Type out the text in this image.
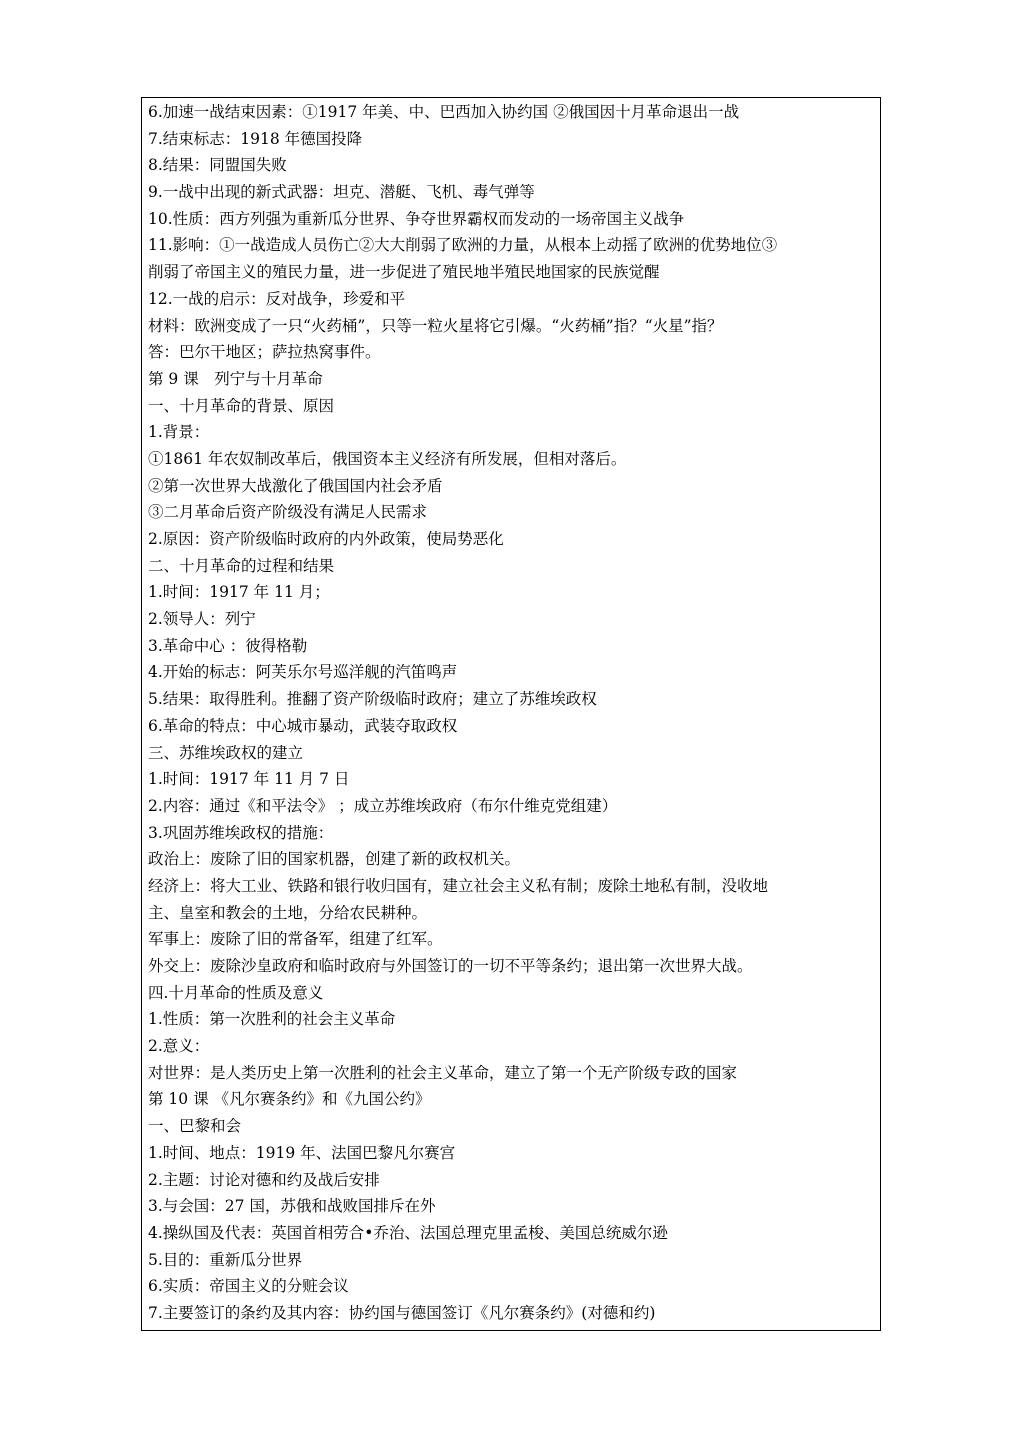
6.加速一战结束因素：①1917 年美、中、巴西加入协约国 ②俄国因十月革命退出一战
7.结束标志：1918 年德国投降
8.结果：同盟国失败
9.一战中出现的新式武器：坦克、潜艇、飞机、毒气弹等
10.性质：西方列强为重新瓜分世界、争夺世界霸权而发动的一场帝国主义战争
11.影响：①一战造成人员伤亡②大大削弱了欧洲的力量，从根本上动摇了欧洲的优势地位③
削弱了帝国主义的殖民力量，进一步促进了殖民地半殖民地国家的民族觉醒
12.一战的启示：反对战争，珍爱和平
材料：欧洲变成了一只“火药桶”，只等一粒火星将它引爆。“火药桶”指？“火星”指？
答：巴尔干地区；萨拉热窝事件。
第 9 课　列宁与十月革命
一、十月革命的背景、原因
1.背景：
①1861 年农奴制改革后，俄国资本主义经济有所发展，但相对落后。
②第一次世界大战激化了俄国国内社会矛盾
③二月革命后资产阶级没有满足人民需求
2.原因：资产阶级临时政府的内外政策，使局势恶化
二、十月革命的过程和结果
1.时间：1917 年 11 月；
2.领导人：列宁
3.革命中心 ：彼得格勒
4.开始的标志：阿芙乐尔号巡洋舰的汽笛鸣声
5.结果：取得胜利。推翻了资产阶级临时政府；建立了苏维埃政权
6.革命的特点：中心城市暴动，武装夺取政权
三、苏维埃政权的建立
1.时间：1917 年 11 月 7 日
2.内容：通过《和平法令》 ；成立苏维埃政府（布尔什维克党组建）
3.巩固苏维埃政权的措施：
政治上：废除了旧的国家机器，创建了新的政权机关。
经济上：将大工业、铁路和银行收归国有，建立社会主义私有制；废除土地私有制，没收地
主、皇室和教会的土地，分给农民耕种。
军事上：废除了旧的常备军，组建了红军。
外交上：废除沙皇政府和临时政府与外国签订的一切不平等条约；退出第一次世界大战。
四.十月革命的性质及意义
1.性质：第一次胜利的社会主义革命
2.意义：
对世界：是人类历史上第一次胜利的社会主义革命，建立了第一个无产阶级专政的国家
第 10 课 《凡尔赛条约》和《九国公约》
一、巴黎和会
1.时间、地点：1919 年、法国巴黎凡尔赛宫
2.主题：讨论对德和约及战后安排
3.与会国：27 国，苏俄和战败国排斥在外
4.操纵国及代表：英国首相劳合•乔治、法国总理克里孟梭、美国总统威尔逊
5.目的：重新瓜分世界
6.实质：帝国主义的分赃会议
7.主要签订的条约及其内容：协约国与德国签订《凡尔赛条约》(对德和约)
